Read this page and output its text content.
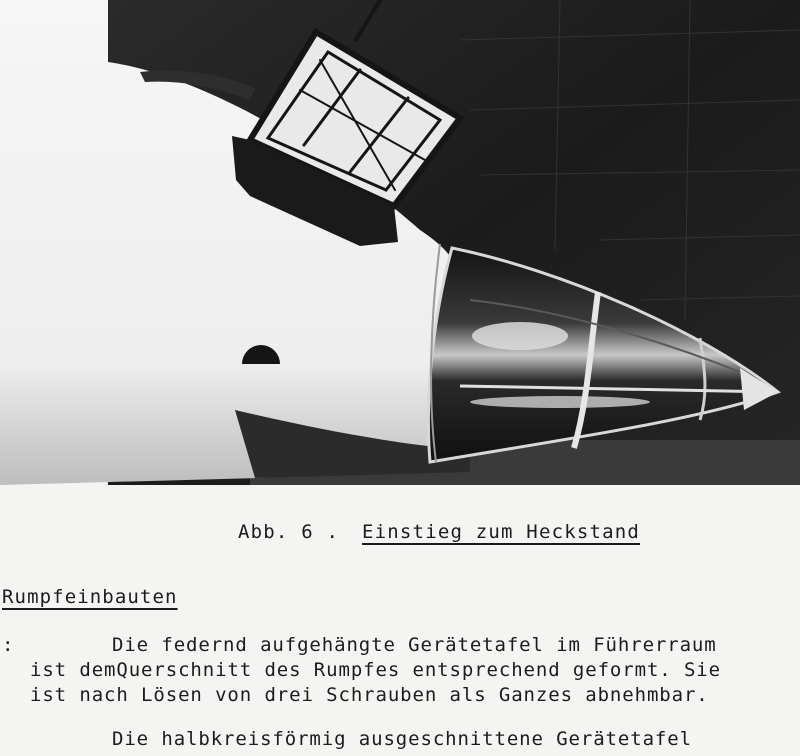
Abb. 6 .

Einstieg zum Heckstand

Rumpfeinbauten
:	Die federnd aufgehängte Gerätetafel im Führerraum
ist demQuerschnitt des Rumpfes entsprechend geformt. Sie
ist nach Lösen von drei Schrauben als Ganzes abnehmbar.
Die halbkreisförmig ausgeschnittene Gerätetafel
